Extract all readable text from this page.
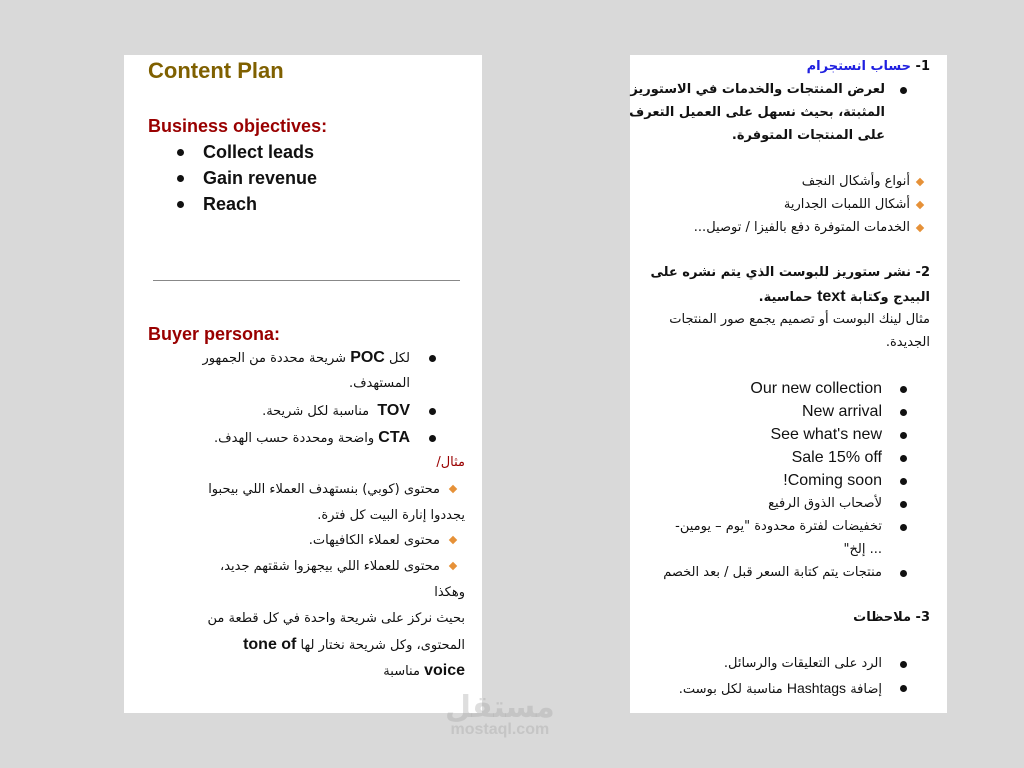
Content Plan
Business objectives:
Collect leads
Gain revenue
Reach
Buyer persona:
لكل POC شريحة محددة من الجمهور
المستهدف.
TOV  مناسبة لكل شريحة.
CTA واضحة ومحددة حسب الهدف.
مثال/
محتوى (كوبي) بنستهدف العملاء اللي بيحبوا
يجددوا إنارة البيت كل فترة.
محتوى لعملاء الكافيهات.
محتوى للعملاء اللي بيجهزوا شقتهم جديد،
وهكذا
بحيث نركز على شريحة واحدة في كل قطعة من
المحتوى، وكل شريحة نختار لها tone of
voice مناسبة
1- حساب انستجرام
لعرض المنتجات والخدمات في الاستوريز
المثبتة، بحيث نسهل على العميل التعرف
على المنتجات المتوفرة.
أنواع وأشكال النجف
أشكال اللمبات الجدارية
الخدمات المتوفرة دفع بالفيزا / توصيل...
2- نشر ستوريز للبوست الذي يتم نشره على
البيدج وكتابة text حماسية.
مثال لينك البوست أو تصميم يجمع صور المنتجات
الجديدة.
Our new collection
New arrival
See what's new
Sale 15% off
!Coming soon
لأصحاب الذوق الرفيع
تخفيضات لفترة محدودة "يوم – يومين-
... إلخ"
منتجات يتم كتابة السعر قبل / بعد الخصم
3- ملاحظات
الرد على التعليقات والرسائل.
إضافة Hashtags مناسبة لكل بوست.
مستقل
mostaql.com
